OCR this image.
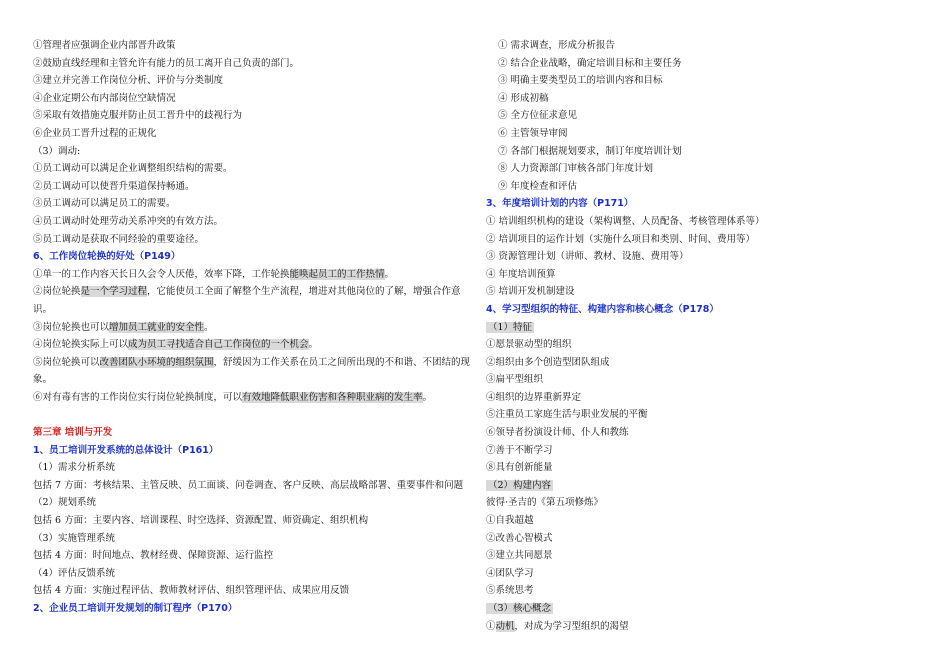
①管理者应强调企业内部晋升政策

②鼓励直线经理和主管允许有能力的员工离开自己负责的部门。

③建立并完善工作岗位分析、评价与分类制度

④企业定期公布内部岗位空缺情况

⑤采取有效措施克服并防止员工晋升中的歧视行为

⑥企业员工晋升过程的正规化

（3）调动:

①员工调动可以满足企业调整组织结构的需要。

②员工调动可以使晋升渠道保持畅通。

③员工调动可以满足员工的需要。

④员工调动时处理劳动关系冲突的有效方法。

⑤员工调动是获取不同经验的重要途径。

6、工作岗位轮换的好处（P149）

①单一的工作内容天长日久会令人厌倦，效率下降，工作轮换能唤起员工的工作热情。

②岗位轮换是一个学习过程，它能使员工全面了解整个生产流程，增进对其他岗位的了解，增强合作意识。

③岗位轮换也可以增加员工就业的安全性。

④岗位轮换实际上可以成为员工寻找适合自己工作岗位的一个机会。

⑤岗位轮换可以改善团队小环境的组织氛围，舒缓因为工作关系在员工之间所出现的不和谐、不团结的现象。

⑥对有毒有害的工作岗位实行岗位轮换制度，可以有效地降低职业伤害和各种职业病的发生率。

第三章 培训与开发

1、员工培训开发系统的总体设计（P161）

（1）需求分析系统

包括 7 方面：考核结果、主管反映、员工面谈、问卷调查、客户反映、高层战略部署、重要事件和问题

（2）规划系统

包括 6 方面：主要内容、培训课程、时空选择、资源配置、师资确定、组织机构

（3）实施管理系统

包括 4 方面：时间地点、教材经费、保障资源、运行监控

（4）评估反馈系统

包括 4 方面：实施过程评估、教师教材评估、组织管理评估、成果应用反馈

2、企业员工培训开发规划的制订程序（P170）

① 需求调查，形成分析报告

② 结合企业战略，确定培训目标和主要任务

③ 明确主要类型员工的培训内容和目标

④ 形成初稿

⑤ 全方位征求意见

⑥ 主管领导审阅

⑦ 各部门根据规划要求，制订年度培训计划

⑧ 人力资源部门审核各部门年度计划

⑨ 年度检查和评估

3、年度培训计划的内容（P171）

① 培训组织机构的建设（架构调整、人员配备、考核管理体系等）

② 培训项目的运作计划（实施什么项目和类别、时间、费用等）

③ 资源管理计划（讲师、教材、设施、费用等）

④ 年度培训预算

⑤ 培训开发机制建设

4、学习型组织的特征、构建内容和核心概念（P178）

（1）特征

①愿景驱动型的组织

②组织由多个创造型团队组成

③扁平型组织

④组织的边界重新界定

⑤注重员工家庭生活与职业发展的平衡

⑥领导者扮演设计师、仆人和教练

⑦善于不断学习

⑧具有创新能量

（2）构建内容

彼得·圣吉的《第五项修炼》

①自我超越

②改善心智模式

③建立共同愿景

④团队学习

⑤系统思考

（3）核心概念

①动机，对成为学习型组织的渴望
